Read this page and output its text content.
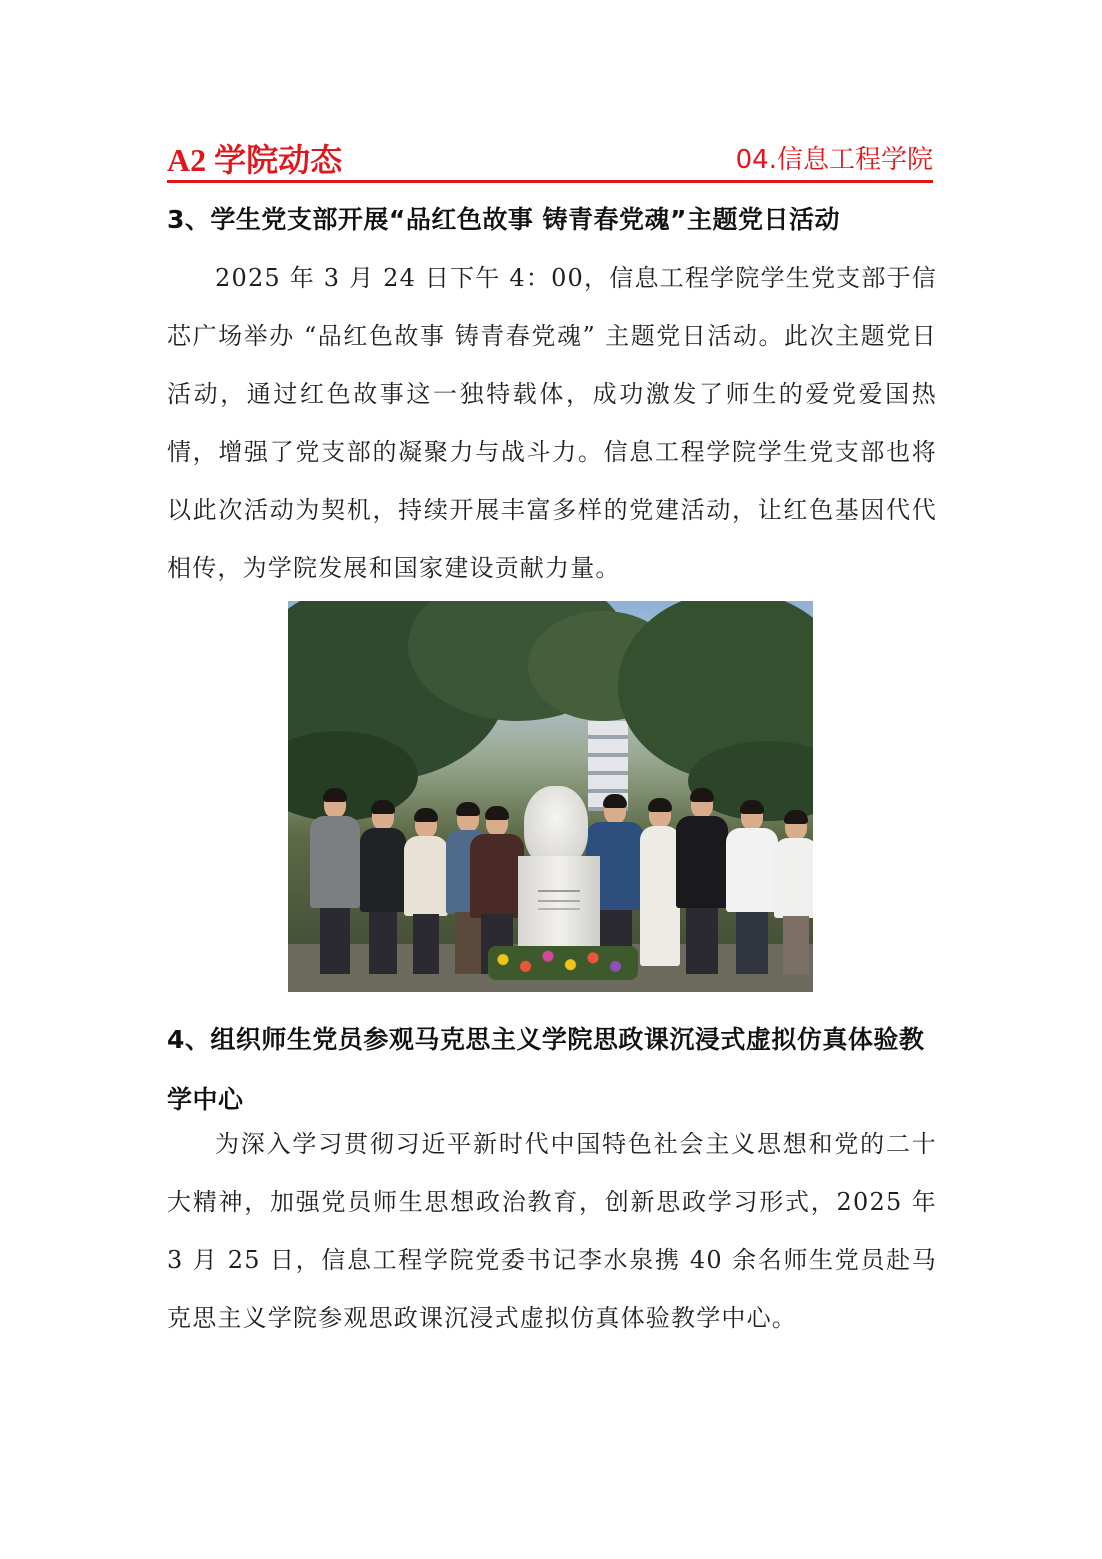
A2 学院动态	04.信息工程学院
3、学生党支部开展“品红色故事 铸青春党魂”主题党日活动

2025 年 3 月 24 日下午 4：00，信息工程学院学生党支部于信芯广场举办 “品红色故事 铸青春党魂” 主题党日活动。此次主题党日活动，通过红色故事这一独特载体，成功激发了师生的爱党爱国热情，增强了党支部的凝聚力与战斗力。信息工程学院学生党支部也将以此次活动为契机，持续开展丰富多样的党建活动，让红色基因代代相传，为学院发展和国家建设贡献力量。

4、组织师生党员参观马克思主义学院思政课沉浸式虚拟仿真体验教学中心

为深入学习贯彻习近平新时代中国特色社会主义思想和党的二十大精神，加强党员师生思想政治教育，创新思政学习形式，2025 年 3 月 25 日，信息工程学院党委书记李水泉携 40 余名师生党员赴马克思主义学院参观思政课沉浸式虚拟仿真体验教学中心。
